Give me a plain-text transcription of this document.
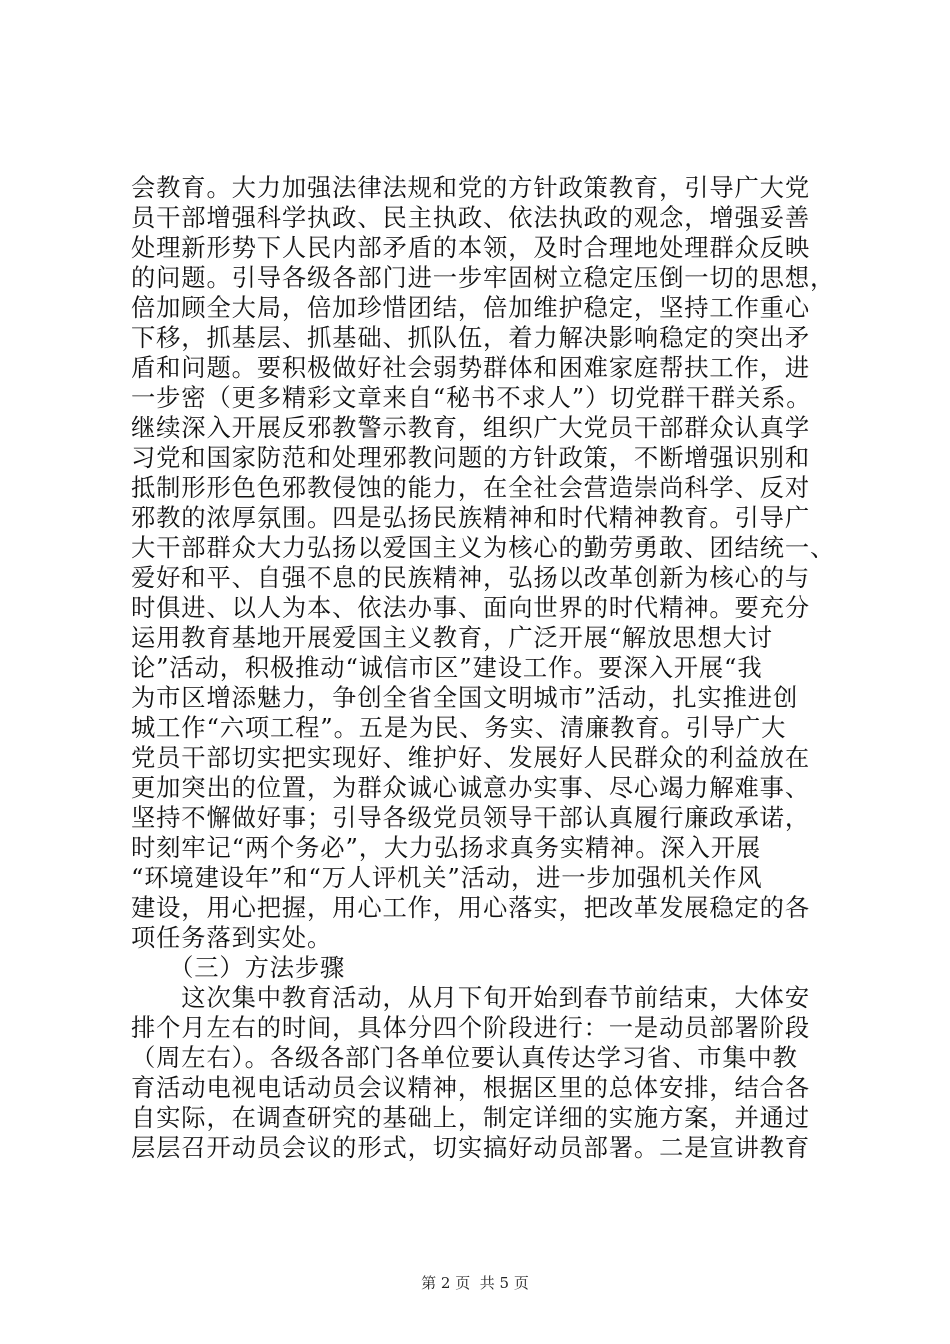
会教育。大力加强法律法规和党的方针政策教育，引导广大党
员干部增强科学执政、民主执政、依法执政的观念，增强妥善
处理新形势下人民内部矛盾的本领，及时合理地处理群众反映
的问题。引导各级各部门进一步牢固树立稳定压倒一切的思想，
倍加顾全大局，倍加珍惜团结，倍加维护稳定，坚持工作重心
下移，抓基层、抓基础、抓队伍，着力解决影响稳定的突出矛
盾和问题。要积极做好社会弱势群体和困难家庭帮扶工作，进
一步密（更多精彩文章来自“秘书不求人”）切党群干群关系。
继续深入开展反邪教警示教育，组织广大党员干部群众认真学
习党和国家防范和处理邪教问题的方针政策，不断增强识别和
抵制形形色色邪教侵蚀的能力，在全社会营造崇尚科学、反对
邪教的浓厚氛围。四是弘扬民族精神和时代精神教育。引导广
大干部群众大力弘扬以爱国主义为核心的勤劳勇敢、团结统一、
爱好和平、自强不息的民族精神，弘扬以改革创新为核心的与
时俱进、以人为本、依法办事、面向世界的时代精神。要充分
运用教育基地开展爱国主义教育，广泛开展“解放思想大讨
论”活动，积极推动“诚信市区”建设工作。要深入开展“我
为市区增添魅力，争创全省全国文明城市”活动，扎实推进创
城工作“六项工程”。五是为民、务实、清廉教育。引导广大
党员干部切实把实现好、维护好、发展好人民群众的利益放在
更加突出的位置，为群众诚心诚意办实事、尽心竭力解难事、
坚持不懈做好事；引导各级党员领导干部认真履行廉政承诺，
时刻牢记“两个务必”，大力弘扬求真务实精神。深入开展
“环境建设年”和“万人评机关”活动，进一步加强机关作风
建设，用心把握，用心工作，用心落实，把改革发展稳定的各
项任务落到实处。
　　（三）方法步骤
　　这次集中教育活动，从月下旬开始到春节前结束，大体安
排个月左右的时间，具体分四个阶段进行：一是动员部署阶段
（周左右）。各级各部门各单位要认真传达学习省、市集中教
育活动电视电话动员会议精神，根据区里的总体安排，结合各
自实际，在调查研究的基础上，制定详细的实施方案，并通过
层层召开动员会议的形式，切实搞好动员部署。二是宣讲教育
第 2 页  共 5 页
